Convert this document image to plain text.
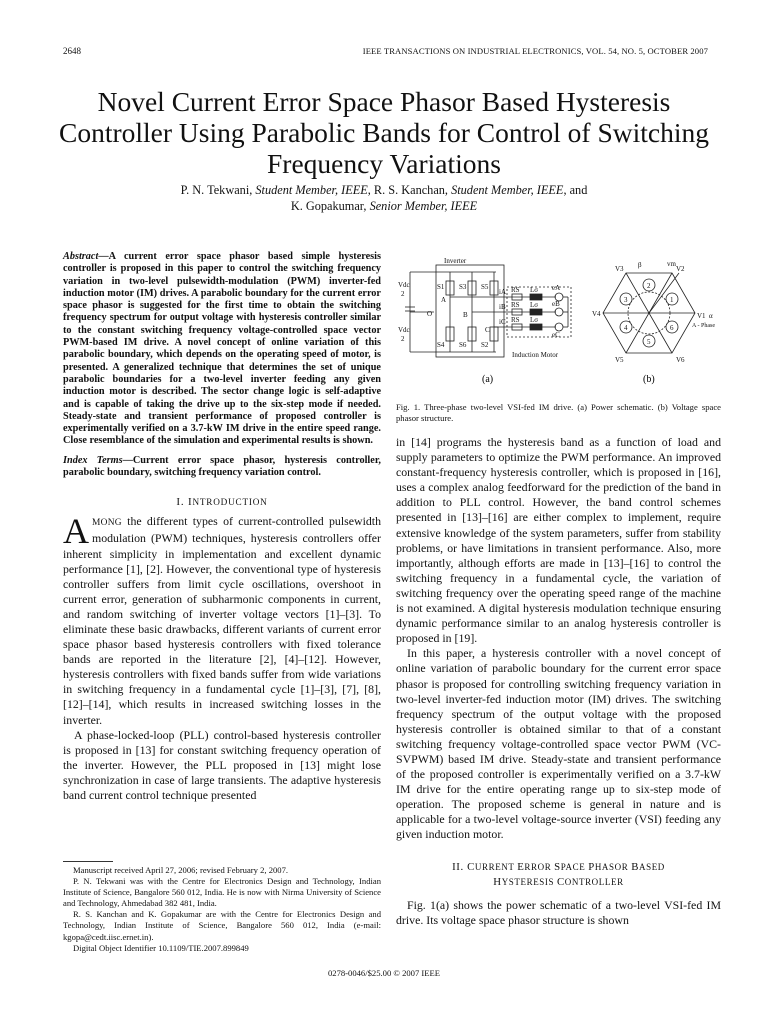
2648	IEEE TRANSACTIONS ON INDUSTRIAL ELECTRONICS, VOL. 54, NO. 5, OCTOBER 2007
Novel Current Error Space Phasor Based Hysteresis Controller Using Parabolic Bands for Control of Switching Frequency Variations
P. N. Tekwani, Student Member, IEEE, R. S. Kanchan, Student Member, IEEE, and
K. Gopakumar, Senior Member, IEEE

Abstract—A current error space phasor based simple hysteresis controller is proposed in this paper to control the switching frequency variation in two-level pulsewidth-modulation (PWM) inverter-fed induction motor (IM) drives. A parabolic boundary for the current error space phasor is suggested for the first time to obtain the switching frequency spectrum for output voltage with hysteresis controller similar to the constant switching frequency voltage-controlled space vector PWM-based IM drive. A novel concept of online variation of this parabolic boundary, which depends on the operating speed of motor, is presented. A generalized technique that determines the set of unique parabolic boundaries for a two-level inverter feeding any given induction motor is described. The sector change logic is self-adaptive and is capable of taking the drive up to the six-step mode if needed. Steady-state and transient performance of proposed controller is experimentally verified on a 3.7-kW IM drive in the entire speed range. Close resemblance of the simulation and experimental results is shown.

Index Terms—Current error space phasor, hysteresis controller, parabolic boundary, switching frequency variation control.

I. INTRODUCTION

AMONG the different types of current-controlled pulsewidth modulation (PWM) techniques, hysteresis controllers offer inherent simplicity in implementation and excellent dynamic performance [1], [2]. However, the conventional type of hysteresis controller suffers from limit cycle oscillations, overshoot in current error, generation of subharmonic components in current, and random switching of inverter voltage vectors [1]–[3]. To eliminate these basic drawbacks, different variants of current error space phasor based hysteresis controllers with fixed tolerance bands are reported in the literature [2], [4]–[12]. However, hysteresis controllers with fixed bands suffer from wide variations in switching frequency in a fundamental cycle [1]–[3], [7], [8], [12]–[14], which results in increased switching losses in the inverter.

A phase-locked-loop (PLL) control-based hysteresis controller is proposed in [13] for constant switching frequency operation of the inverter. However, the PLL proposed in [13] might lose synchronization in case of large transients. The adaptive hysteresis band current control technique presented

Manuscript received April 27, 2006; revised February 2, 2007.

P. N. Tekwani was with the Centre for Electronics Design and Technology, Indian Institute of Science, Bangalore 560 012, India. He is now with Nirma University of Science and Technology, Ahmedabad 382 481, India.

R. S. Kanchan and K. Gopakumar are with the Centre for Electronics Design and Technology, Indian Institute of Science, Bangalore 560 012, India (e-mail: kgopa@cedt.iisc.ernet.in).

Digital Object Identifier 10.1109/TIE.2007.899849

Inverter
Vdc
2
Vdc
2
O
A
B
C
S1 S3 S5
S4 S6 S2
iA
iB
iC
RS
RS
RS
Lσ
Lσ
Lσ
eA
eB
eC
Induction Motor
(a)
1
2
3
4
5
6
V1
V2
V3
V4
V5	V6
β	vm
α
A - Phase
(b)

Fig. 1. Three-phase two-level VSI-fed IM drive. (a) Power schematic. (b) Voltage space phasor structure.

in [14] programs the hysteresis band as a function of load and supply parameters to optimize the PWM performance. An improved constant-frequency hysteresis controller, which is proposed in [16], uses a complex analog feedforward for the prediction of the band in addition to PLL control. However, the band control schemes presented in [13]–[16] are either complex to implement, require extensive knowledge of the system parameters, suffer from stability problems, or have limitations in transient performance. Also, more importantly, although efforts are made in [13]–[16] to control the switching frequency in a fundamental cycle, the variation of switching frequency over the operating speed range of the machine is not examined. A digital hysteresis modulation technique ensuring dynamic performance similar to an analog hysteresis controller is proposed in [19].

In this paper, a hysteresis controller with a novel concept of online variation of parabolic boundary for the current error space phasor is proposed for controlling switching frequency variation in two-level inverter-fed induction motor (IM) drives. The switching frequency spectrum of the output voltage with the proposed hysteresis controller is obtained similar to that of a constant switching frequency voltage-controlled space vector PWM (VC-SVPWM) based IM drive. Steady-state and transient performance of the proposed controller is experimentally verified on a 3.7-kW IM drive for the entire operating range up to six-step mode of operation. The proposed scheme is general in nature and is applicable for a two-level voltage-source inverter (VSI) feeding any given induction motor.

II. CURRENT ERROR SPACE PHASOR BASED
HYSTERESIS CONTROLLER

Fig. 1(a) shows the power schematic of a two-level VSI-fed IM drive. Its voltage space phasor structure is shown

0278-0046/$25.00 © 2007 IEEE
